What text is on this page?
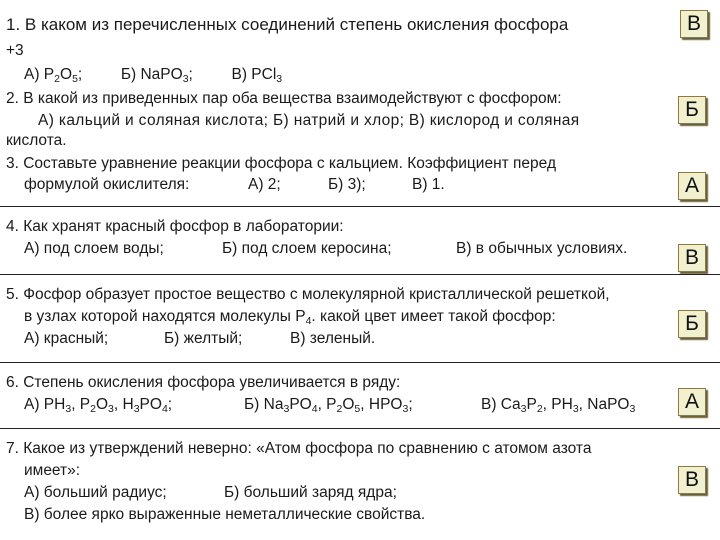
1. В каком из перечисленных соединений степень окисления фосфора
+3
А) $P_2O_5$; Б) NaPO$_3$; В) PCl$_3$
В
2. В какой из приведенных пар оба вещества взаимодействуют с фосфором:
А) кальций и соляная кислота; Б) натрий и хлор; В) кислород и соляная
кислота.
Б
3. Составьте уравнение реакции фосфора с кальцием. Коэффициент перед
формулой окислителя:	А) 2;	Б) 3);	В) 1.	А
4. Как хранят красный фосфор в лаборатории:
А) под слоем воды;	Б) под слоем керосина;	В) в обычных условиях.	В
5. Фосфор образует простое вещество с молекулярной кристаллической решеткой,
в узлах которой находятся молекулы $P_4$. какой цвет имеет такой фосфор:
А) красный;	Б) желтый;	В) зеленый.
Б
6. Степень окисления фосфора увеличивается в ряду:
А) $PH_3$, $P_2O_3$, $H_3PO_4$;	Б) $Na_3PO_4$, $P_2O_5$, $HPO_3$;	В) $Ca_3P_2$, $PH_3$, NaPO$_3$	А
7. Какое из утверждений неверно: «Атом фосфора по сравнению с атомом азота
имеет»:
А) больший радиус;	Б) больший заряд ядра;
В) более ярко выраженные неметаллические свойства.
В
